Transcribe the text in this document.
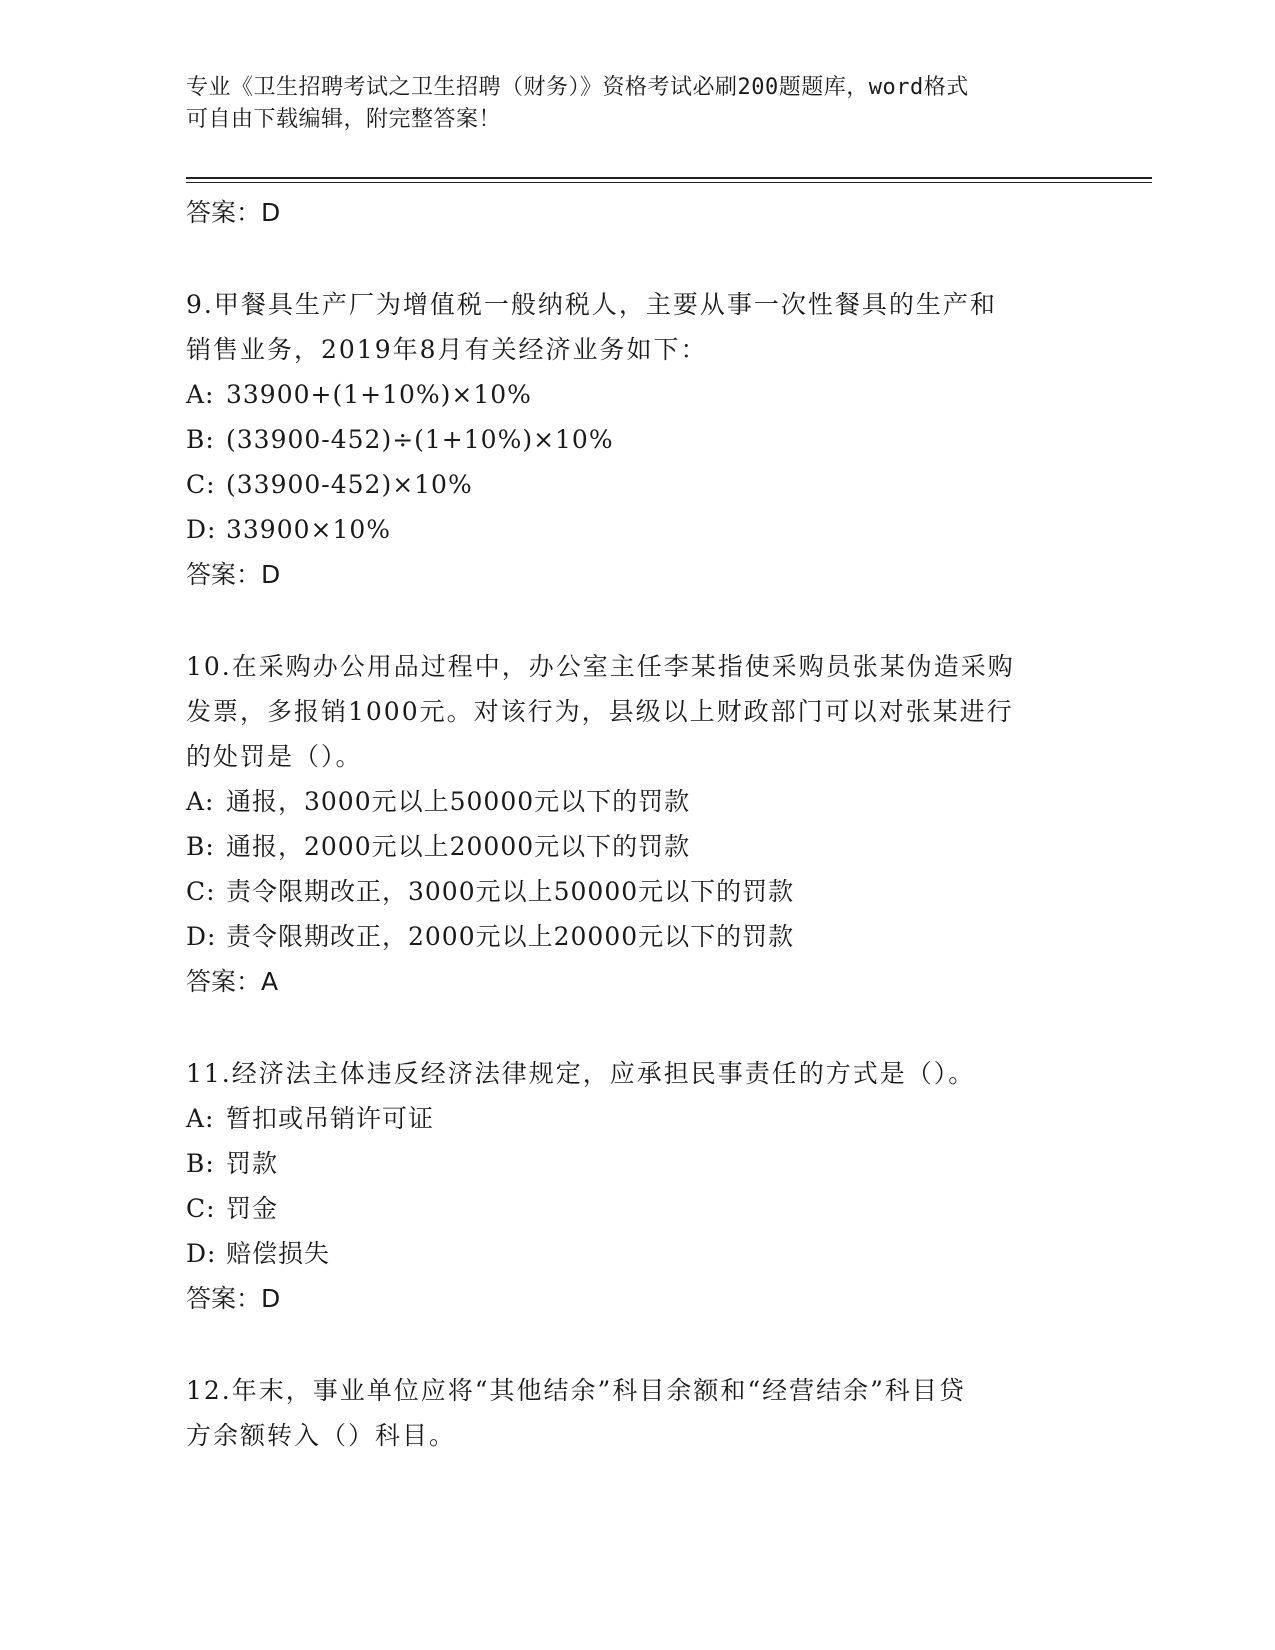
专业《卫生招聘考试之卫生招聘（财务）》资格考试必刷200题题库，word格式
可自由下载编辑，附完整答案！
答案：D
9.甲餐具生产厂为增值税一般纳税人，主要从事一次性餐具的生产和
销售业务，2019年8月有关经济业务如下：
A: 33900+(1+10%)×10%
B: (33900-452)÷(1+10%)×10%
C: (33900-452)×10%
D: 33900×10%
答案：D
10.在采购办公用品过程中，办公室主任李某指使采购员张某伪造采购
发票，多报销1000元。对该行为，县级以上财政部门可以对张某进行
的处罚是（）。
A: 通报，3000元以上50000元以下的罚款
B: 通报，2000元以上20000元以下的罚款
C: 责令限期改正，3000元以上50000元以下的罚款
D: 责令限期改正，2000元以上20000元以下的罚款
答案：A
11.经济法主体违反经济法律规定，应承担民事责任的方式是（）。
A: 暂扣或吊销许可证
B: 罚款
C: 罚金
D: 赔偿损失
答案：D
12.年末，事业单位应将“其他结余”科目余额和“经营结余”科目贷
方余额转入（）科目。
